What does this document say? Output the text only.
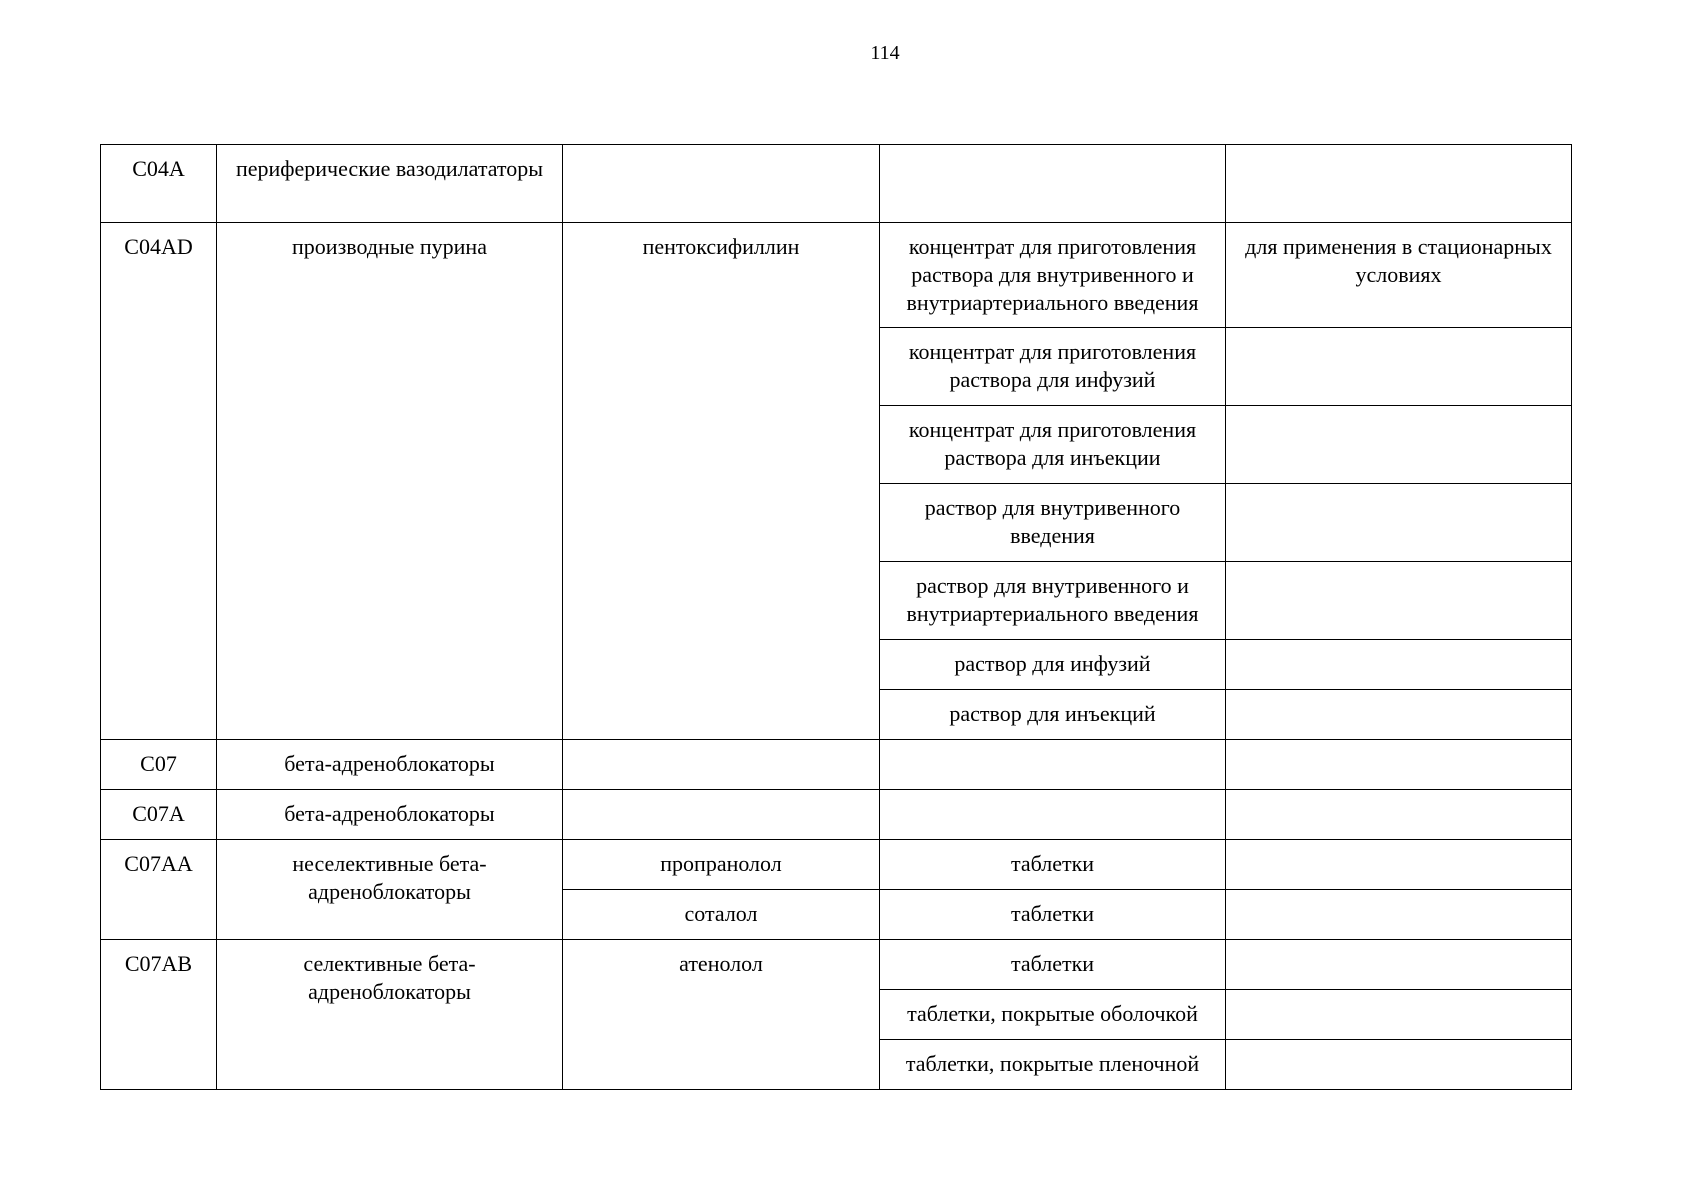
114
C04A	периферические вазодилататоры			
C04AD	производные пурина	пентоксифиллин	концентрат для приготовления раствора для внутривенного и внутриартериального введения	для применения в стационарных условиях
			концентрат для приготовления раствора для инфузий	
			концентрат для приготовления раствора для инъекции	
			раствор для внутривенного введения	
			раствор для внутривенного и внутриартериального введения	
			раствор для инфузий	
			раствор для инъекций	
C07	бета-адреноблокаторы			
C07A	бета-адреноблокаторы			
C07AA	неселективные бета-адреноблокаторы	пропранолол	таблетки	
		соталол	таблетки	
C07AB	селективные бета-адреноблокаторы	атенолол	таблетки	
			таблетки, покрытые оболочкой	
			таблетки, покрытые пленочной	
